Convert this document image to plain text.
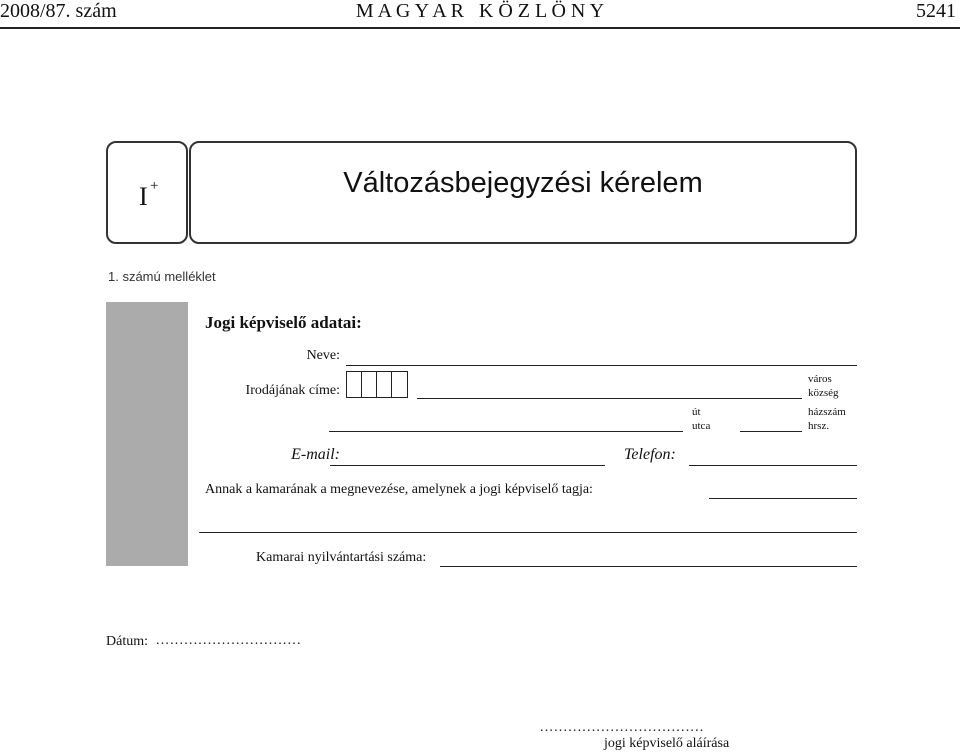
2008/87. szám	M A G Y A R   K Ö Z L Ö N Y	5241
I +	Változásbejegyzési kérelem
1. számú melléklet
Jogi képviselő adatai:
Neve:
Irodájának címe:
város
község
út
utca
házszám
hrsz.
E-mail:	Telefon:
Annak a kamarának a megnevezése, amelynek a jogi képviselő tagja:
Kamarai nyilvántartási száma:
Dátum: ...............................
...................................
jogi képviselő aláírása
